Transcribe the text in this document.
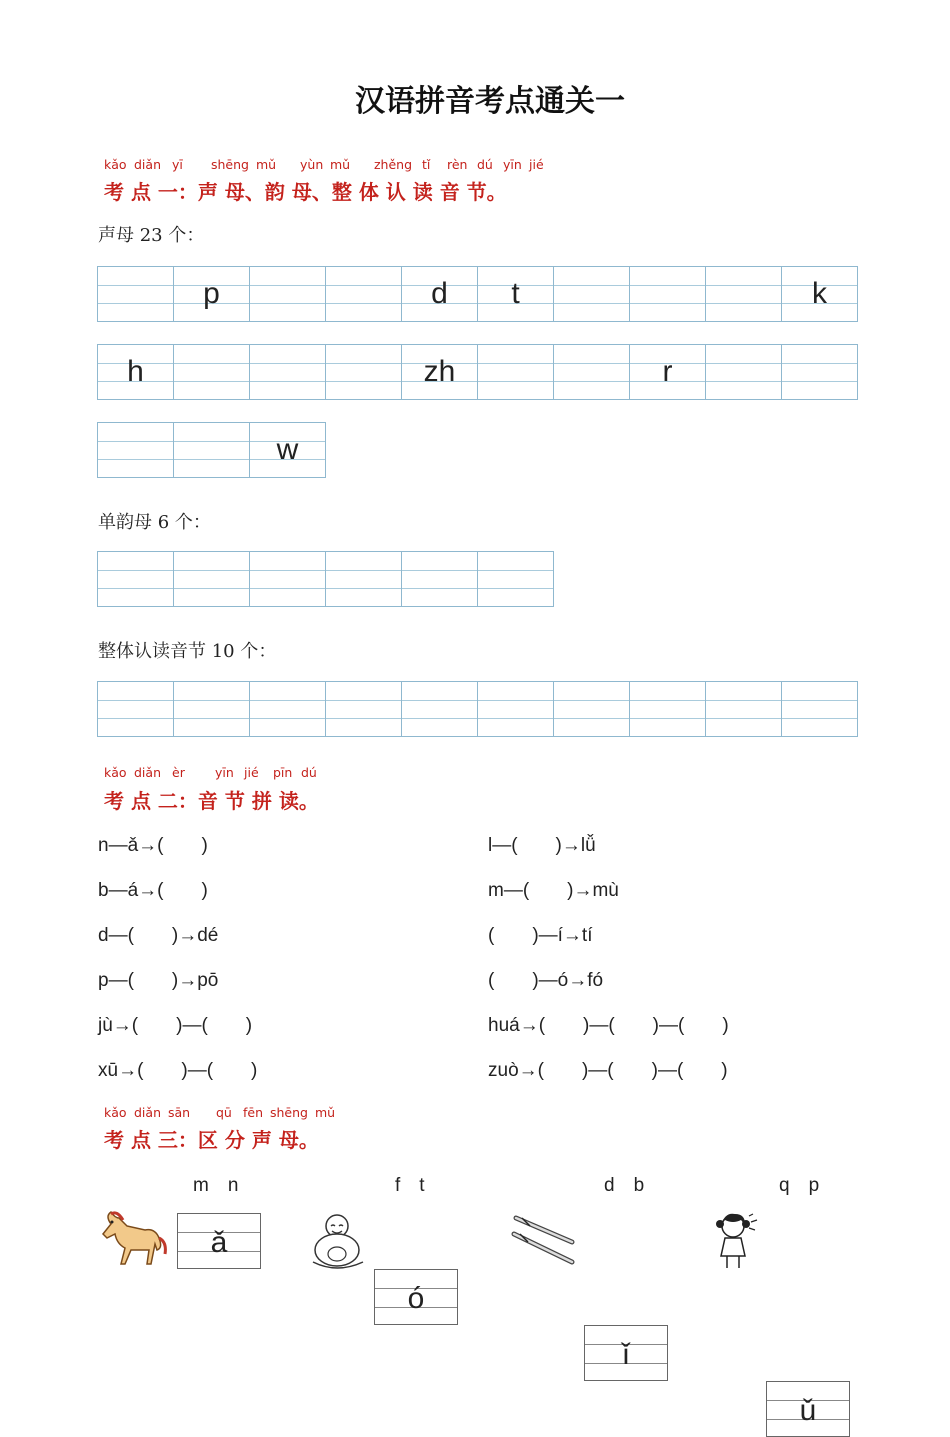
汉语拼音考点通关一
kǎo diǎn yī shēng mǔ yùn mǔ zhěng tǐ rèn dú yīn jié
考 点 一：声 母、韵 母、整 体 认 读 音 节。
声母 23 个：
p	d	t	k
h	zh	r
w
单韵母 6 个：
整体认读音节 10 个：
kǎo diǎn èr yīn jié pīn dú
考 点 二：音 节 拼 读。
n—ǎ→(　　)
b—á→(　　)
d—(　　)→dé
p—(　　)→pō
jù→(　　)—(　　)
xū→(　　)—(　　)
l—(　　)→lǚ
m—(　　)→mù
(　　)—í→tí
(　　)—ó→fó
huá→(　　)—(　　)—(　　)
zuò→(　　)—(　　)—(　　)
kǎo diǎn sān qū fēn shēng mǔ
考 点 三：区 分 声 母。
m　n	f　t	d　b	q　p
ǎ
ó
ǐ
ǔ
